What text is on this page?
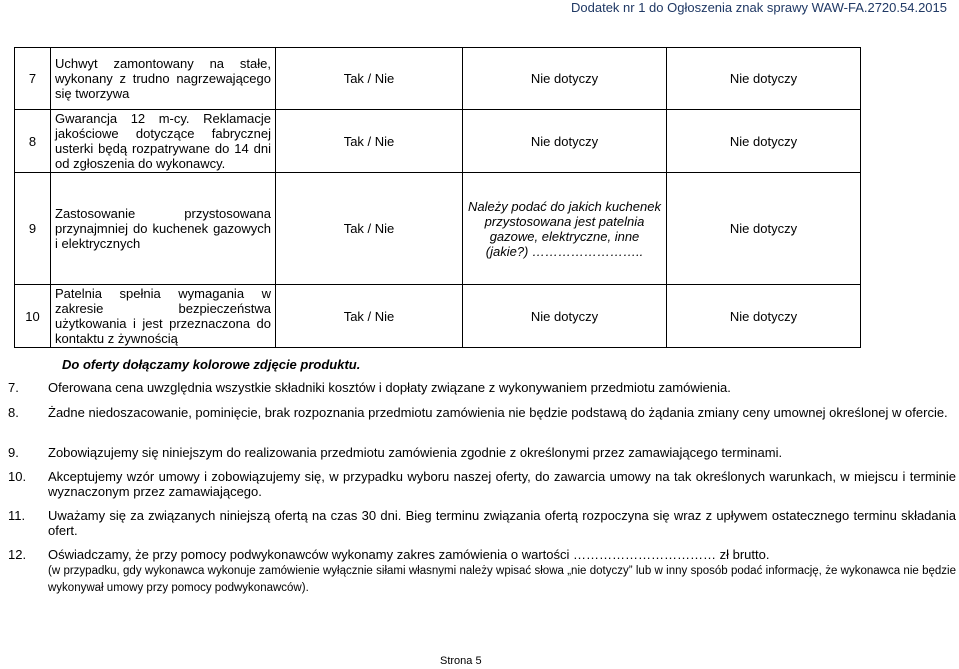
Dodatek nr 1 do Ogłoszenia znak sprawy WAW-FA.2720.54.2015
7	Uchwyt zamontowany na stałe, wykonany z trudno nagrzewającego się tworzywa	Tak / Nie	Nie dotyczy	Nie dotyczy
8	Gwarancja 12 m-cy. Reklamacje jakościowe dotyczące fabrycznej usterki będą rozpatrywane do 14 dni od zgłoszenia do wykonawcy.	Tak / Nie	Nie dotyczy	Nie dotyczy
9	Zastosowanie przystosowana przynajmniej do kuchenek gazowych i elektrycznych	Tak / Nie	Należy podać do jakich kuchenek przystosowana jest patelnia gazowe, elektryczne, inne (jakie?) ……………………..	Nie dotyczy
10	Patelnia spełnia wymagania w zakresie bezpieczeństwa użytkowania i jest przeznaczona do kontaktu z żywnością	Tak / Nie	Nie dotyczy	Nie dotyczy
Do oferty dołączamy kolorowe zdjęcie produktu.
7. Oferowana cena uwzględnia wszystkie składniki kosztów i dopłaty związane z wykonywaniem przedmiotu zamówienia.
8. Żadne niedoszacowanie, pominięcie, brak rozpoznania przedmiotu zamówienia nie będzie podstawą do żądania zmiany ceny umownej określonej w ofercie.
9. Zobowiązujemy się niniejszym do realizowania przedmiotu zamówienia zgodnie z określonymi przez zamawiającego terminami.
10. Akceptujemy wzór umowy i zobowiązujemy się, w przypadku wyboru naszej oferty, do zawarcia umowy na tak określonych warunkach, w miejscu i terminie wyznaczonym przez zamawiającego.
11. Uważamy się za związanych niniejszą ofertą na czas 30 dni. Bieg terminu związania ofertą rozpoczyna się wraz z upływem ostatecznego terminu składania ofert.
12. Oświadczamy, że przy pomocy podwykonawców wykonamy zakres zamówienia o wartości …………………………… zł brutto.
(w przypadku, gdy wykonawca wykonuje zamówienie wyłącznie siłami własnymi należy wpisać słowa „nie dotyczy” lub w inny sposób podać informację, że wykonawca nie będzie wykonywał umowy przy pomocy podwykonawców).
Strona 5
